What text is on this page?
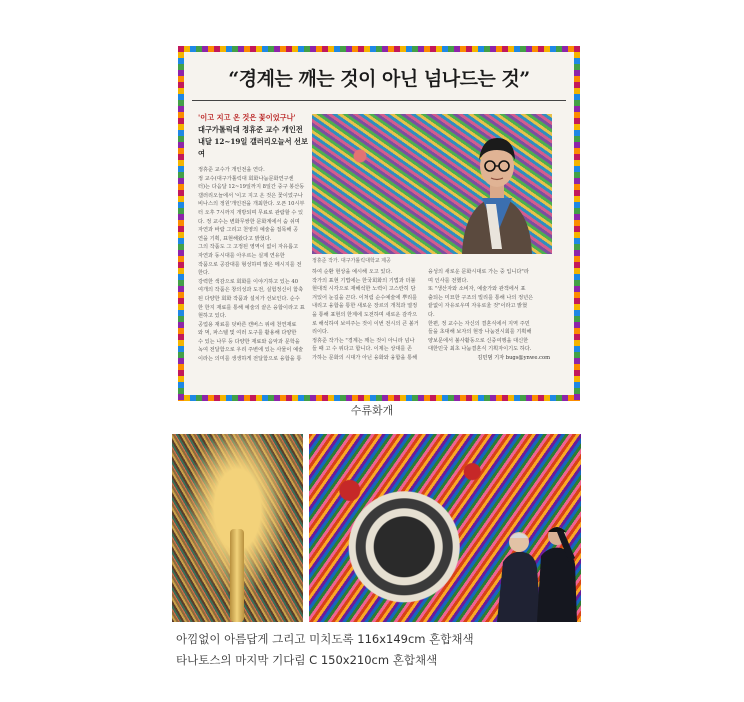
“경계는 깨는 것이 아닌 넘나드는 것”
'이고 지고 온 것은 꽃이었구나'
대구가톨릭대 정휴준 교수 개인전
내달 12~19일 갤러리오늘서 선보여
정휴준 작가. 대구가톨릭대학교 제공
정휴준 교수가 개인전을 연다.
정 교수(대구가톨릭대 회화나눔문화연구센
터)는 다음달 12~19일까지 8일간 중구 봉산동
갤러리오늘에서 '이고 지고 온 것은 꽃이었구나
비나스의 정원'개인전을 개최한다. 오픈 10시부
터 오후 7시까지 개방되며 무료로 관람할 수 있
다. 정 교수는 변화무쌍한 문화계에서 숨 쉬며
자연과 바람 그리고 천영의 예술을 접목해 공
연을 기획, 표현해왔다고 밝혔다.
그의 작품도 그 고정된 영역이 없이 자유롭고
자연과 동시대를 아우르는 실제 연유한
작품으로 공감대를 형성하며 많은 메시지를 전
한다.
강력한 색감으로 회화를 이야기하고 있는 40
여개의 작품은 창의성과 도전, 실험정신이 함축
된 다양한 회화 작품과 설치가 선보인다. 순수
한 한지 재료를 통해 예술의 끝은 융합이라고 표
현하고 있다.
공업용 재료를 덧바른 캔버스 위에 천연재료
와 먹, 파스텔 및 여러 도구를 활용해 다양한
수 있는 나무 등 다양한 재료와 음악과 문학을
녹여 전달함으로 우리 주변에 있는 사물이 예술
이라는 의미를 생생하게 전달함으로 융합을 통
하여 순환 현상을 예시해 오고 있다.
작가의 표현 기법에는 한국회화의 기법과 더불
현대적 시각으로 재해석한 노력이 고스란히 담
겨있어 눈길을 끈다. 이처럼 순수예술에 뿌리를
내리고 융합을 통한 새로운 장르의 개척과 열정
을 통해 표현의 한계에 도전하며 새로운 감각으
로 해석하여 보여주는 것이 이번 전시의 큰 볼거
리이다.
정휴준 작가는 "경계는 깨는 것이 아니라 넘나
들 때 고 수 위다고 합니다. 이제는 상대를 존
가하는 문화의 시대가 아닌 융화와 융합을 통해
융성의 새로운 문화시대로 가는 중 입니다"라
며 인사를 전했다.
또 "생산자와 소비자, 예술가와 관객에서 표
출되는 미묘한 구조의 빌리를 통해 나의 정년은
끝없이 자유로우며 자유로울 것"이라고 밝혔
다.
한편, 정 교수는 자신의 결혼식에서 지역 주민
들을 초대해 보자의 현장 나눔전시회를 기획해
양보문에서 불사활동으로 신중여행을 대신한
대한민국 최초 나눔결혼식 기획자이기도 하다.
김민범 기자 bugs@ynwe.com
수류화개
아낌없이 아름답게 그리고 미치도록 116x149cm 혼합채색
타나토스의 마지막 기다림 C 150x210cm 혼합채색
